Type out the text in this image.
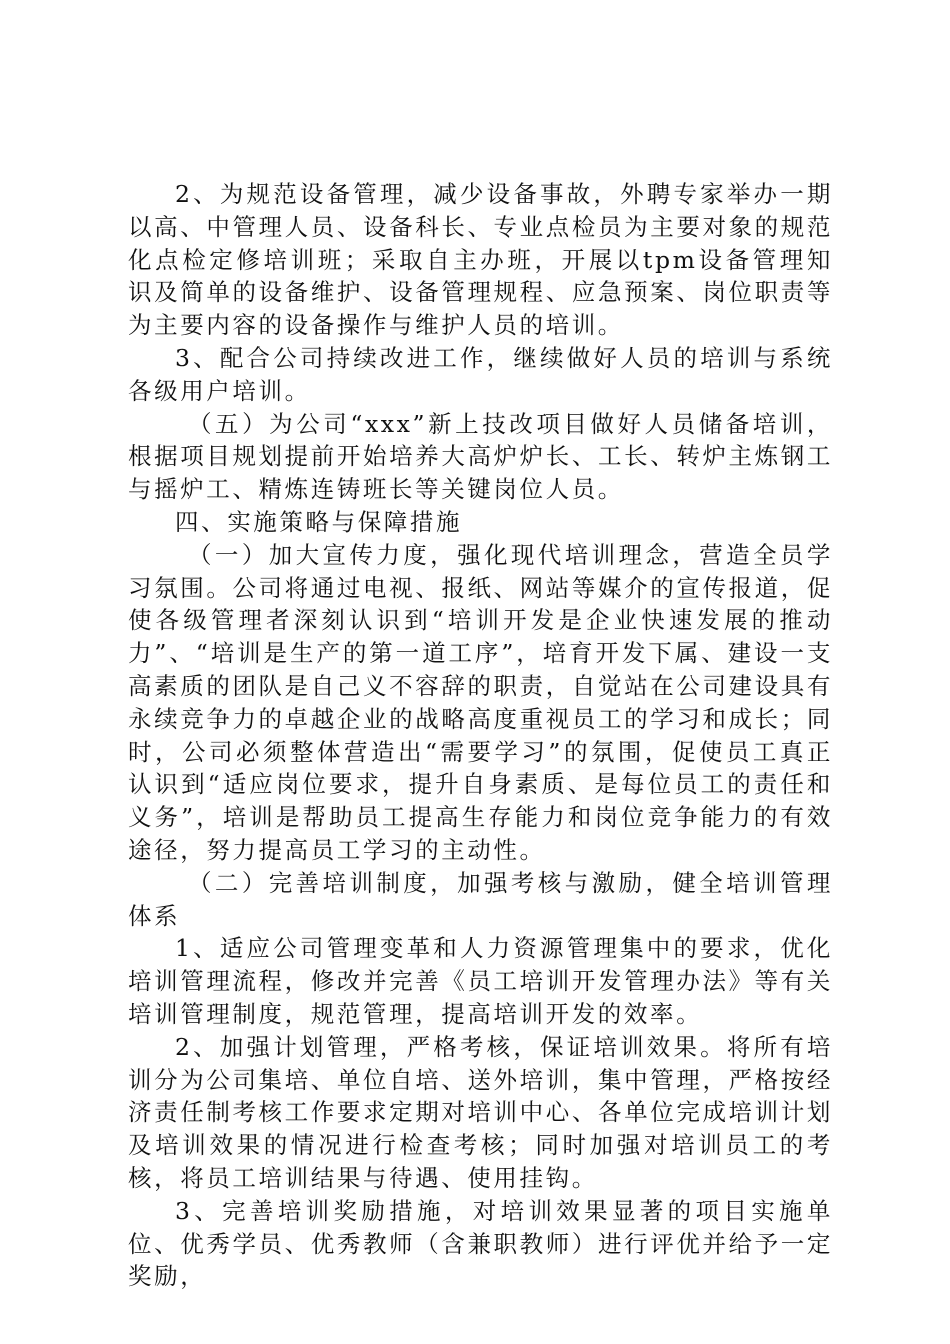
2、为规范设备管理，减少设备事故，外聘专家举办一期以高、中管理人员、设备科长、专业点检员为主要对象的规范化点检定修培训班；采取自主办班，开展以tpm设备管理知识及简单的设备维护、设备管理规程、应急预案、岗位职责等为主要内容的设备操作与维护人员的培训。

3、配合公司持续改进工作，继续做好人员的培训与系统各级用户培训。

（五）为公司“xxx”新上技改项目做好人员储备培训，根据项目规划提前开始培养大高炉炉长、工长、转炉主炼钢工与摇炉工、精炼连铸班长等关键岗位人员。

四、实施策略与保障措施

（一）加大宣传力度，强化现代培训理念，营造全员学习氛围。公司将通过电视、报纸、网站等媒介的宣传报道，促使各级管理者深刻认识到“培训开发是企业快速发展的推动力”、“培训是生产的第一道工序”，培育开发下属、建设一支高素质的团队是自己义不容辞的职责，自觉站在公司建设具有永续竞争力的卓越企业的战略高度重视员工的学习和成长；同时，公司必须整体营造出“需要学习”的氛围，促使员工真正认识到“适应岗位要求，提升自身素质、是每位员工的责任和义务”，培训是帮助员工提高生存能力和岗位竞争能力的有效途径，努力提高员工学习的主动性。

（二）完善培训制度，加强考核与激励，健全培训管理体系

1、适应公司管理变革和人力资源管理集中的要求，优化培训管理流程，修改并完善《员工培训开发管理办法》等有关培训管理制度，规范管理，提高培训开发的效率。

2、加强计划管理，严格考核，保证培训效果。将所有培训分为公司集培、单位自培、送外培训，集中管理，严格按经济责任制考核工作要求定期对培训中心、各单位完成培训计划及培训效果的情况进行检查考核；同时加强对培训员工的考核，将员工培训结果与待遇、使用挂钩。

3、完善培训奖励措施，对培训效果显著的项目实施单位、优秀学员、优秀教师（含兼职教师）进行评优并给予一定奖励，
